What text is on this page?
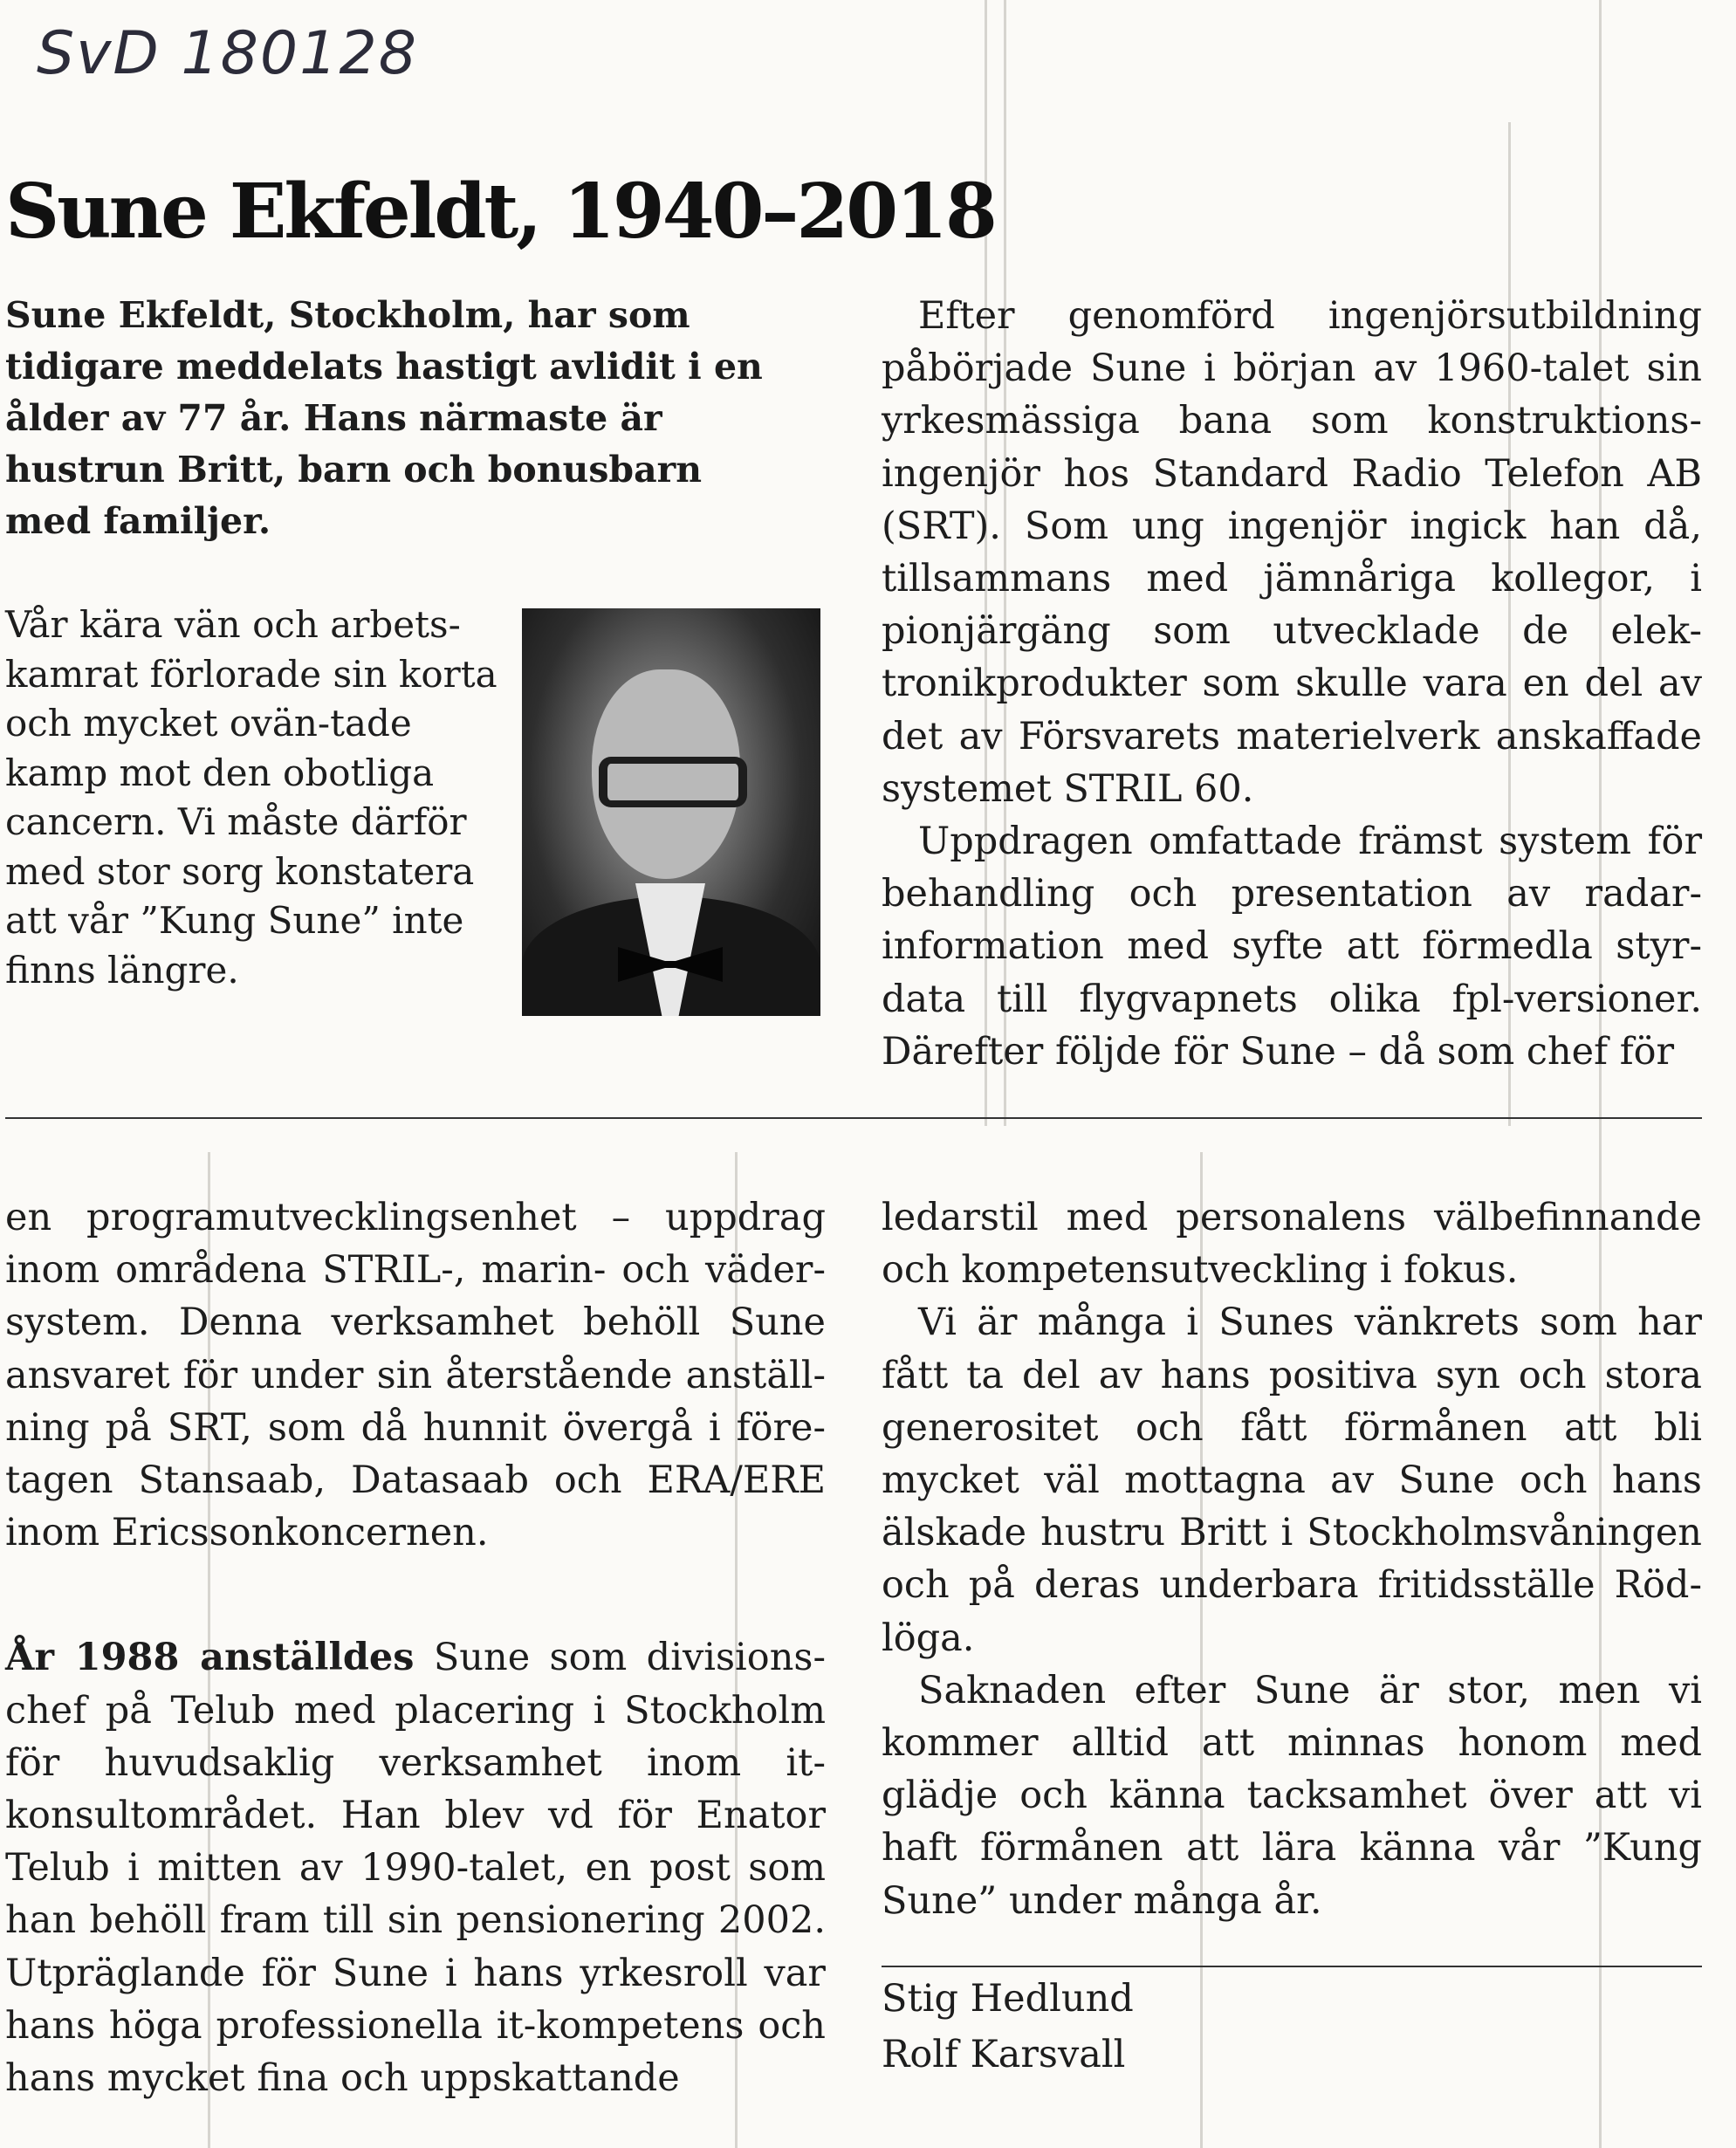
SvD 180128
Sune Ekfeldt, 1940–2018
Sune Ekfeldt, Stockholm, har som tidigare meddelats hastigt avlidit i en ålder av 77 år. Hans närmaste är hustrun Britt, barn och bonusbarn med familjer.
Vår kära vän och arbets-kamrat förlorade sin korta och mycket ovän-tade kamp mot den obotliga cancern. Vi måste därför med stor sorg konstatera att vår ”Kung Sune” inte finns längre.

Efter genomförd ingenjörsutbildning påbörjade Sune i början av 1960-talet sin yrkesmässiga bana som konstruktions-ingenjör hos Standard Radio Telefon AB (SRT). Som ung ingenjör ingick han då, tillsammans med jämnåriga kollegor, i pionjärgäng som utvecklade de elek-tronikprodukter som skulle vara en del av det av Försvarets materielverk anskaffade systemet STRIL 60.

Uppdragen omfattade främst system för behandling och presentation av radar-information med syfte att förmedla styr-data till flygvapnets olika fpl-versioner. Därefter följde för Sune – då som chef för

en programutvecklingsenhet – uppdrag inom områdena STRIL-, marin- och väder-system. Denna verksamhet behöll Sune ansvaret för under sin återstående anställ-ning på SRT, som då hunnit övergå i före-tagen Stansaab, Datasaab och ERA/ERE inom Ericssonkoncernen.

År 1988 anställdes Sune som divisions-chef på Telub med placering i Stockholm för huvudsaklig verksamhet inom it-konsultområdet. Han blev vd för Enator Telub i mitten av 1990-talet, en post som han behöll fram till sin pensionering 2002. Utpräglande för Sune i hans yrkesroll var hans höga professionella it-kompetens och hans mycket fina och uppskattande

ledarstil med personalens välbefinnande och kompetensutveckling i fokus.

Vi är många i Sunes vänkrets som har fått ta del av hans positiva syn och stora generositet och fått förmånen att bli mycket väl mottagna av Sune och hans älskade hustru Britt i Stockholmsvåningen och på deras underbara fritidsställe Röd-löga.

Saknaden efter Sune är stor, men vi kommer alltid att minnas honom med glädje och känna tacksamhet över att vi haft förmånen att lära känna vår ”Kung Sune” under många år.

Stig Hedlund
Rolf Karsvall
